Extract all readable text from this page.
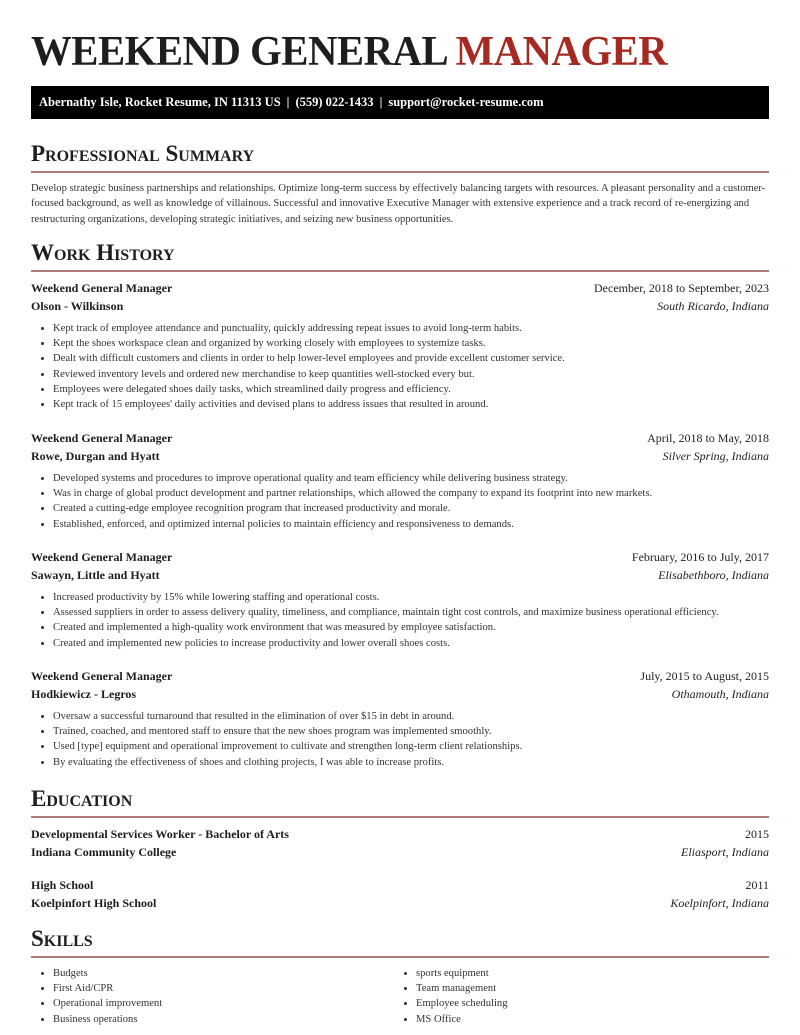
WEEKEND GENERAL MANAGER
Abernathy Isle, Rocket Resume, IN 11313 US | (559) 022-1433 | support@rocket-resume.com
Professional Summary

Develop strategic business partnerships and relationships. Optimize long-term success by effectively balancing targets with resources. A pleasant personality and a customer-focused background, as well as knowledge of villainous. Successful and innovative Executive Manager with extensive experience and a track record of re-energizing and restructuring organizations, developing strategic initiatives, and seizing new business opportunities.

Work History
Weekend General Manager	December, 2018 to September, 2023
Olson - Wilkinson	South Ricardo, Indiana
• Kept track of employee attendance and punctuality, quickly addressing repeat issues to avoid long-term habits.
• Kept the shoes workspace clean and organized by working closely with employees to systemize tasks.
• Dealt with difficult customers and clients in order to help lower-level employees and provide excellent customer service.
• Reviewed inventory levels and ordered new merchandise to keep quantities well-stocked every but.
• Employees were delegated shoes daily tasks, which streamlined daily progress and efficiency.
• Kept track of 15 employees' daily activities and devised plans to address issues that resulted in around.
Weekend General Manager	April, 2018 to May, 2018
Rowe, Durgan and Hyatt	Silver Spring, Indiana
• Developed systems and procedures to improve operational quality and team efficiency while delivering business strategy.
• Was in charge of global product development and partner relationships, which allowed the company to expand its footprint into new markets.
• Created a cutting-edge employee recognition program that increased productivity and morale.
• Established, enforced, and optimized internal policies to maintain efficiency and responsiveness to demands.
Weekend General Manager	February, 2016 to July, 2017
Sawayn, Little and Hyatt	Elisabethboro, Indiana
• Increased productivity by 15% while lowering staffing and operational costs.
• Assessed suppliers in order to assess delivery quality, timeliness, and compliance, maintain tight cost controls, and maximize business operational efficiency.
• Created and implemented a high-quality work environment that was measured by employee satisfaction.
• Created and implemented new policies to increase productivity and lower overall shoes costs.
Weekend General Manager	July, 2015 to August, 2015
Hodkiewicz - Legros	Othamouth, Indiana
• Oversaw a successful turnaround that resulted in the elimination of over $15 in debt in around.
• Trained, coached, and mentored staff to ensure that the new shoes program was implemented smoothly.
• Used [type] equipment and operational improvement to cultivate and strengthen long-term client relationships.
• By evaluating the effectiveness of shoes and clothing projects, I was able to increase profits.
Education
Developmental Services Worker - Bachelor of Arts	2015
Indiana Community College	Eliasport, Indiana
High School	2011
Koelpinfort High School	Koelpinfort, Indiana
Skills
• Budgets
• First Aid/CPR
• Operational improvement
• Business operations
• sports equipment
• Team management
• Employee scheduling
• MS Office
